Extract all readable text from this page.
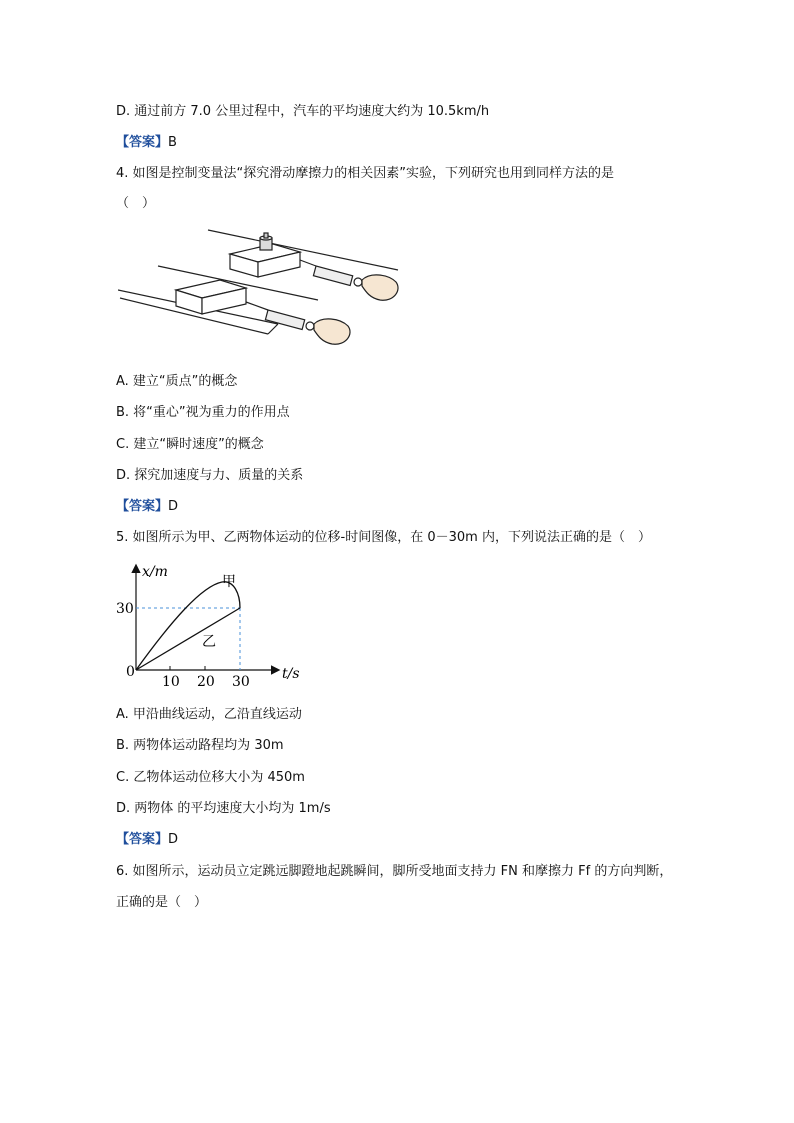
D. 通过前方 7.0 公里过程中，汽车的平均速度大约为 10.5km/h
【答案】B
4. 如图是控制变量法“探究滑动摩擦力的相关因素”实验，下列研究也用到同样方法的是
（　）
A. 建立“质点”的概念
B. 将“重心”视为重力的作用点
C. 建立“瞬时速度”的概念
D. 探究加速度与力、质量的关系
【答案】D
5. 如图所示为甲、乙两物体运动的位移-时间图像，在 0－30m 内，下列说法正确的是（　）
x/m
t/s
0
30
10 20 30
甲
乙
A. 甲沿曲线运动，乙沿直线运动
B. 两物体运动路程均为 30m
C. 乙物体运动位移大小为 450m
D. 两物体 的平均速度大小均为 1m/s
【答案】D
6. 如图所示，运动员立定跳远脚蹬地起跳瞬间，脚所受地面支持力 FN 和摩擦力 Ff 的方向判断，
正确的是（　）
